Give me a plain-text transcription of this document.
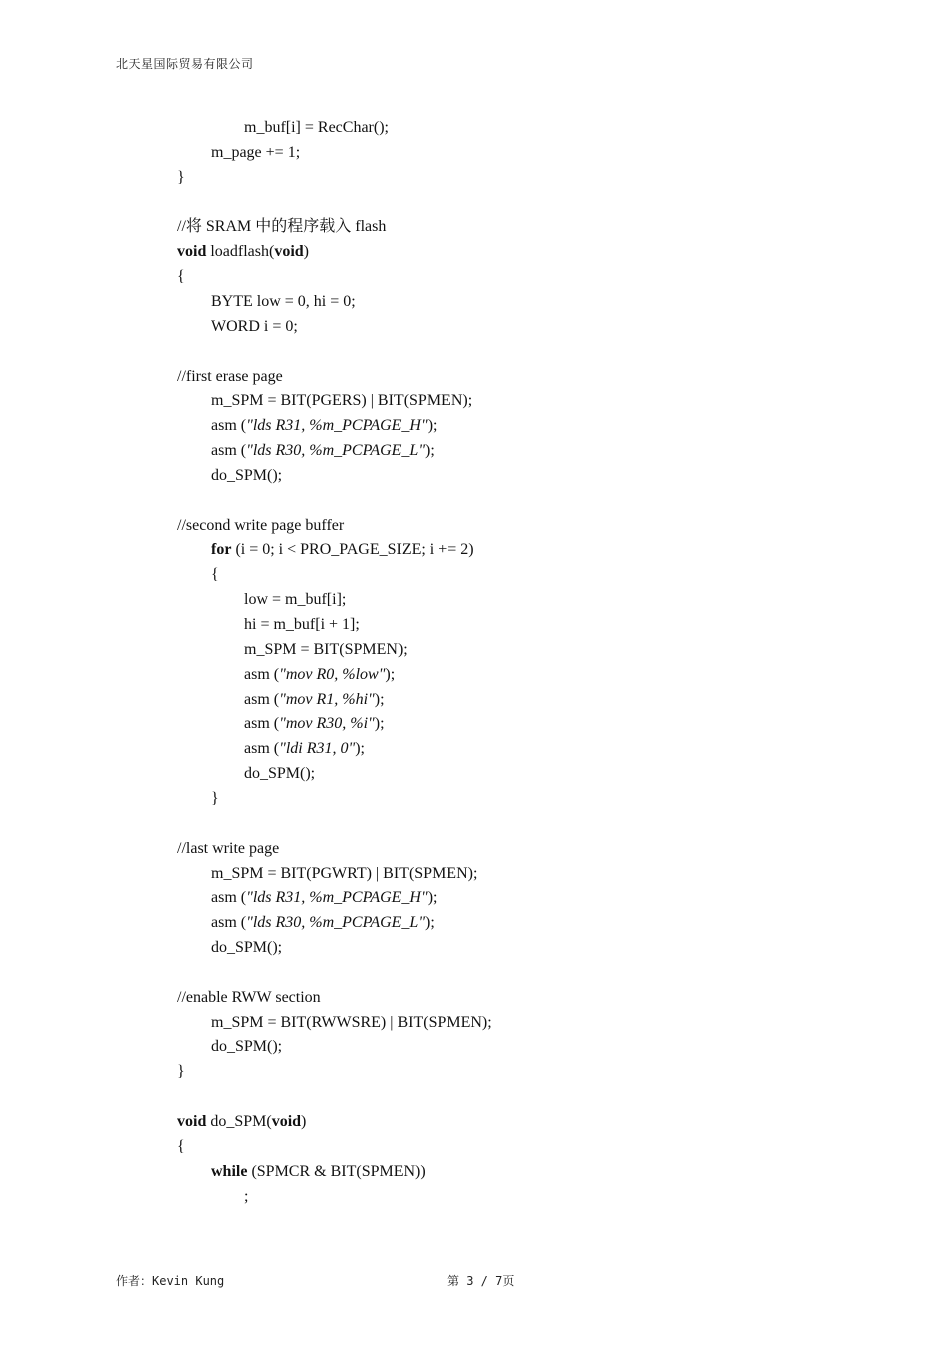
北天星国际贸易有限公司
m_buf[i] = RecChar();
m_page += 1;
}
//将 SRAM 中的程序载入 flash
void loadflash(void)
{
BYTE low = 0, hi = 0;
WORD i = 0;
//first erase page
m_SPM = BIT(PGERS) | BIT(SPMEN);
asm ("lds R31, %m_PCPAGE_H");
asm ("lds R30, %m_PCPAGE_L");
do_SPM();
//second write page buffer
for (i = 0; i < PRO_PAGE_SIZE; i += 2)
{
low = m_buf[i];
hi = m_buf[i + 1];
m_SPM = BIT(SPMEN);
asm ("mov R0, %low");
asm ("mov R1, %hi");
asm ("mov R30, %i");
asm ("ldi R31, 0");
do_SPM();
}
//last write page
m_SPM = BIT(PGWRT) | BIT(SPMEN);
asm ("lds R31, %m_PCPAGE_H");
asm ("lds R30, %m_PCPAGE_L");
do_SPM();
//enable RWW section
m_SPM = BIT(RWWSRE) | BIT(SPMEN);
do_SPM();
}
void do_SPM(void)
{
while (SPMCR & BIT(SPMEN))
;
作者：Kevin Kung	第 3 / 7页
